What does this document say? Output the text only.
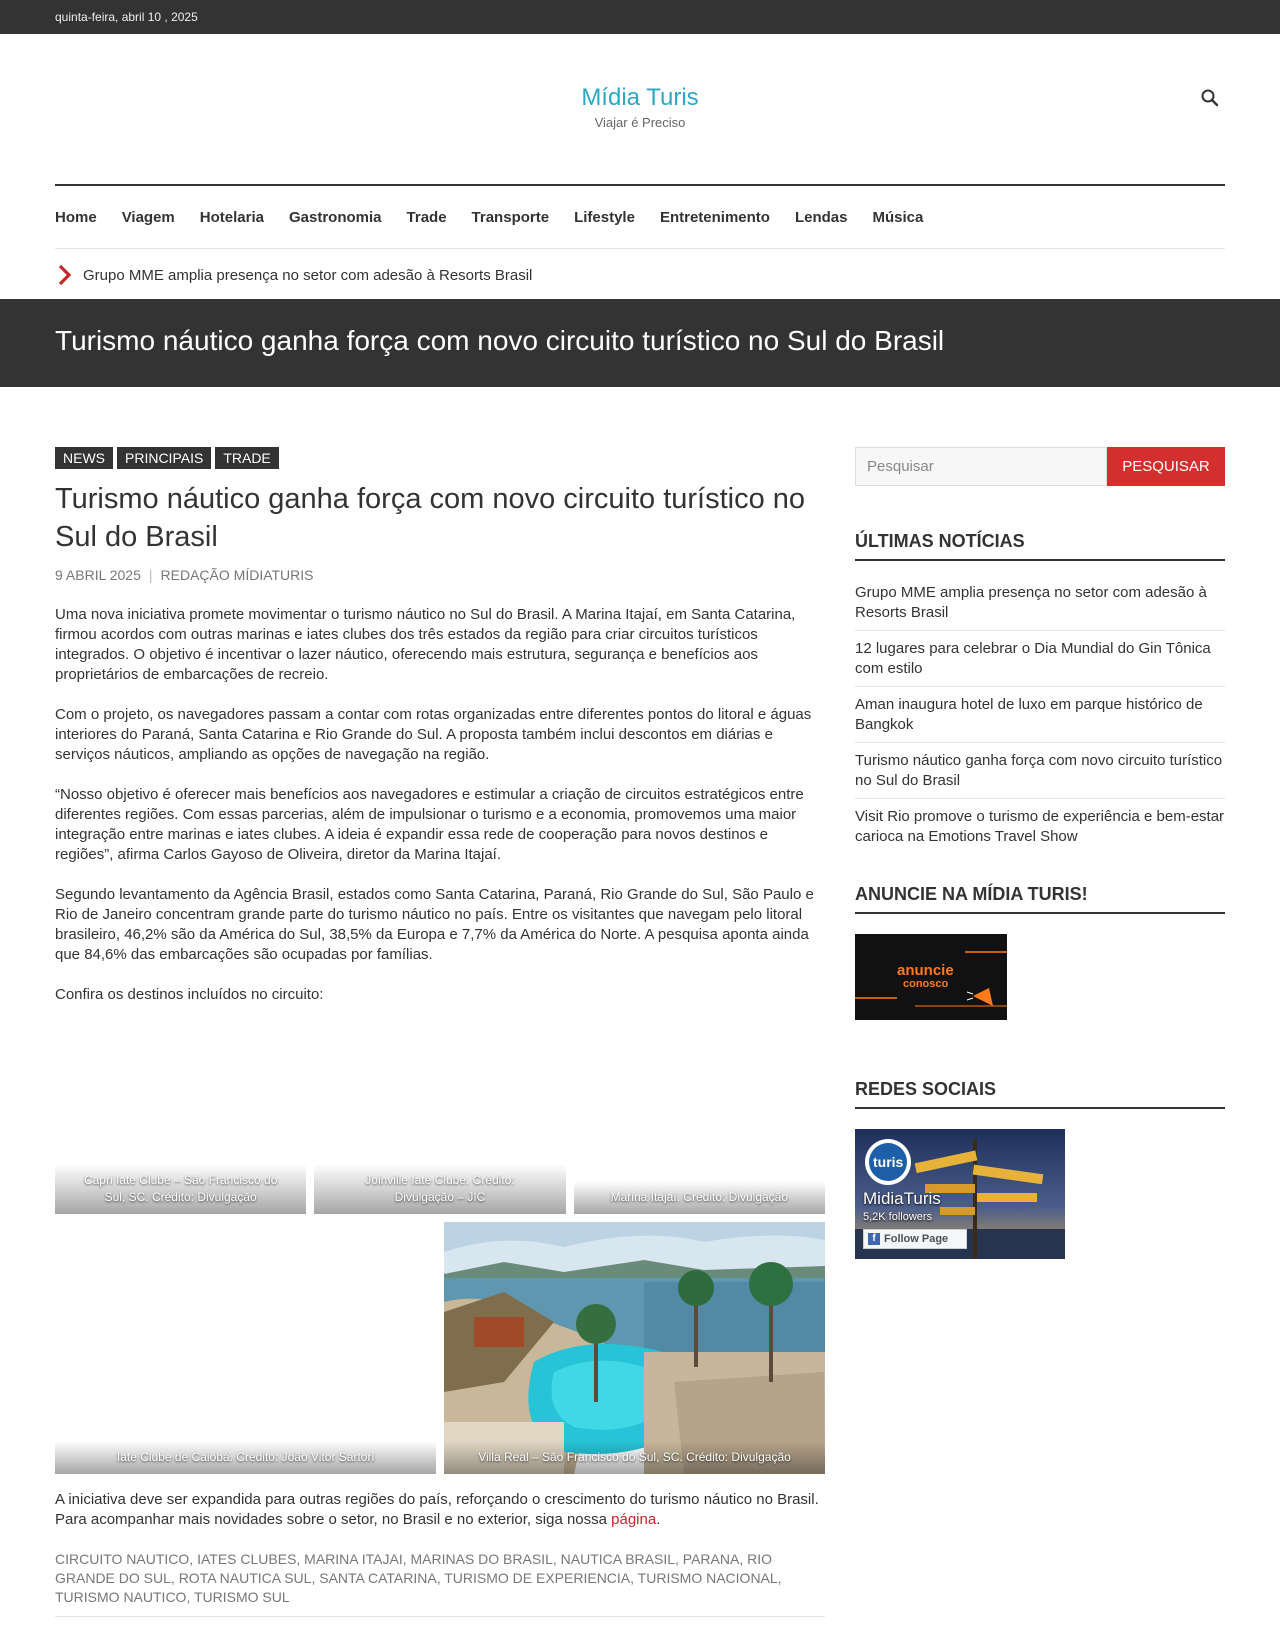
quinta-feira, abril 10 , 2025
Mídia Turis
Viajar é Preciso
Home Viagem Hotelaria Gastronomia Trade Transporte Lifestyle Entretenimento Lendas Música
Grupo MME amplia presença no setor com adesão à Resorts Brasil
Turismo náutico ganha força com novo circuito turístico no Sul do Brasil
NEWS	PRINCIPAIS	TRADE
Turismo náutico ganha força com novo circuito turístico no Sul do Brasil
9 ABRIL 2025 | REDAÇÃO MÍDIATURIS

Uma nova iniciativa promete movimentar o turismo náutico no Sul do Brasil. A Marina Itajaí, em Santa Catarina, firmou acordos com outras marinas e iates clubes dos três estados da região para criar circuitos turísticos integrados. O objetivo é incentivar o lazer náutico, oferecendo mais estrutura, segurança e benefícios aos proprietários de embarcações de recreio.

Com o projeto, os navegadores passam a contar com rotas organizadas entre diferentes pontos do litoral e águas interiores do Paraná, Santa Catarina e Rio Grande do Sul. A proposta também inclui descontos em diárias e serviços náuticos, ampliando as opções de navegação na região.

“Nosso objetivo é oferecer mais benefícios aos navegadores e estimular a criação de circuitos estratégicos entre diferentes regiões. Com essas parcerias, além de impulsionar o turismo e a economia, promovemos uma maior integração entre marinas e iates clubes. A ideia é expandir essa rede de cooperação para novos destinos e regiões”, afirma Carlos Gayoso de Oliveira, diretor da Marina Itajaí.

Segundo levantamento da Agência Brasil, estados como Santa Catarina, Paraná, Rio Grande do Sul, São Paulo e Rio de Janeiro concentram grande parte do turismo náutico no país. Entre os visitantes que navegam pelo litoral brasileiro, 46,2% são da América do Sul, 38,5% da Europa e 7,7% da América do Norte. A pesquisa aponta ainda que 84,6% das embarcações são ocupadas por famílias.

Confira os destinos incluídos no circuito:

Capri Iate Clube – São Francisco do Sul, SC. Crédito: Divulgação
Joinville Iate Clube. Crédito: Divulgação – JIC	Marina Itajaí. Crédito: Divulgação
Iate Clube de Caiobá. Crédito: João Vitor Sartori	Villa Real – São Francisco do Sul, SC. Crédito: Divulgação
A iniciativa deve ser expandida para outras regiões do país, reforçando o crescimento do turismo náutico no Brasil. Para acompanhar mais novidades sobre o setor, no Brasil e no exterior, siga nossa página.
CIRCUITO NAUTICO, IATES CLUBES, MARINA ITAJAI, MARINAS DO BRASIL, NAUTICA BRASIL, PARANA, RIO GRANDE DO SUL, ROTA NAUTICA SUL, SANTA CATARINA, TURISMO DE EXPERIENCIA, TURISMO NACIONAL, TURISMO NAUTICO, TURISMO SUL
Pesquisar
PESQUISAR
ÚLTIMAS NOTÍCIAS
Grupo MME amplia presença no setor com adesão à Resorts Brasil
12 lugares para celebrar o Dia Mundial do Gin Tônica com estilo
Aman inaugura hotel de luxo em parque histórico de Bangkok
Turismo náutico ganha força com novo circuito turístico no Sul do Brasil
Visit Rio promove o turismo de experiência e bem-estar carioca na Emotions Travel Show
ANUNCIE NA MÍDIA TURIS!
anuncie
conosco
REDES SOCIAIS
turis
MidiaTuris
5,2K followers
f Follow Page
